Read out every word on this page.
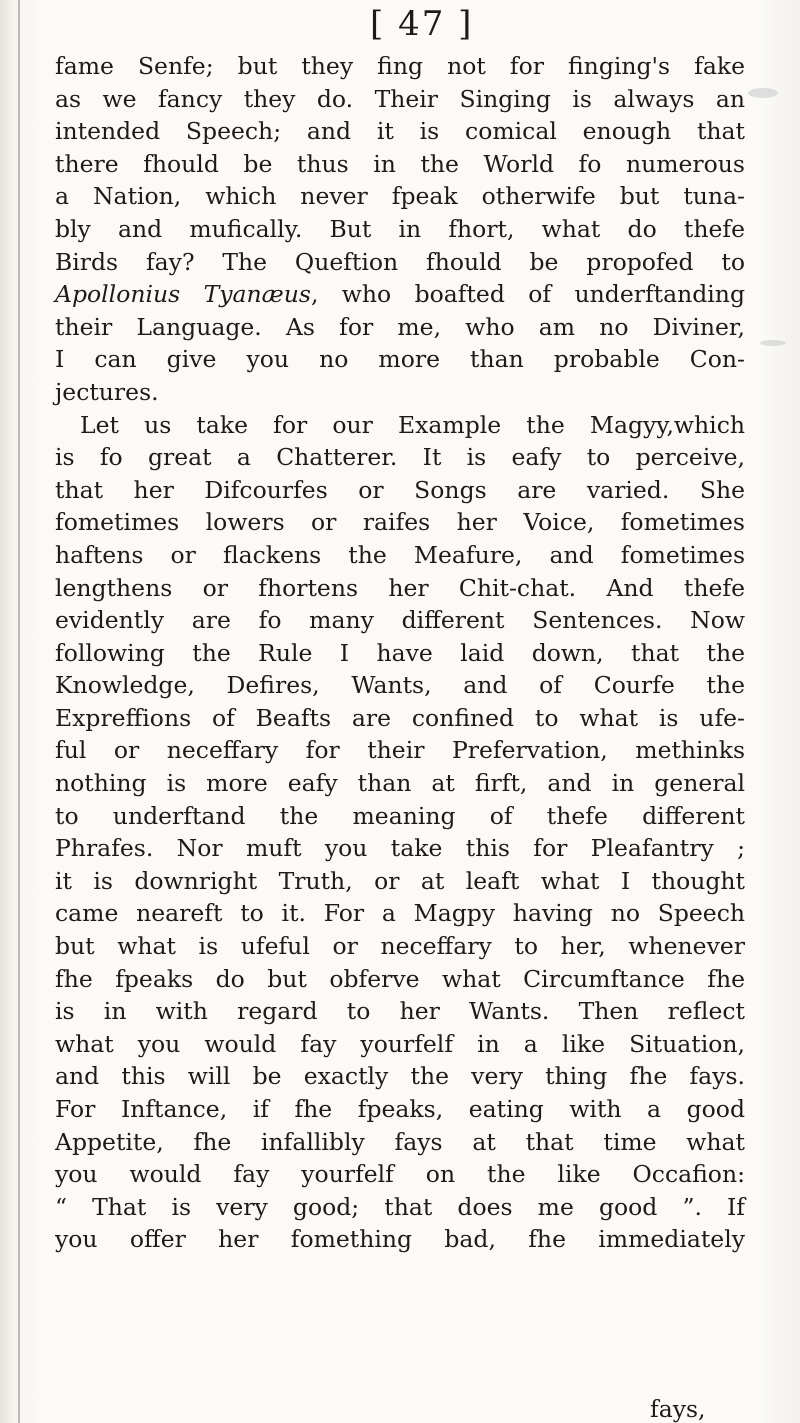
[ 47 ]
fame Senfe; but they fing not for finging's fake
as we fancy they do. Their Singing is always an
intended Speech; and it is comical enough that
there fhould be thus in the World fo numerous
a Nation, which never fpeak otherwife but tuna-
bly and mufically. But in fhort, what do thefe
Birds fay? The Queftion fhould be propofed to
Apollonius Tyanæus, who boafted of underftanding
their Language. As for me, who am no Diviner,
I can give you no more than probable Con-
jectures.
Let us take for our Example the Magyy,which
is fo great a Chatterer. It is eafy to perceive,
that her Difcourfes or Songs are varied. She
fometimes lowers or raifes her Voice, fometimes
haftens or flackens the Meafure, and fometimes
lengthens or fhortens her Chit-chat. And thefe
evidently are fo many different Sentences. Now
following the Rule I have laid down, that the
Knowledge, Defires, Wants, and of Courfe the
Expreffions of Beafts are confined to what is ufe-
ful or neceffary for their Prefervation, methinks
nothing is more eafy than at firft, and in general
to underftand the meaning of thefe different
Phrafes. Nor muft you take this for Pleafantry ;
it is downright Truth, or at leaft what I thought
came neareft to it. For a Magpy having no Speech
but what is ufeful or neceffary to her, whenever
fhe fpeaks do but obferve what Circumftance fhe
is in with regard to her Wants. Then reflect
what you would fay yourfelf in a like Situation,
and this will be exactly the very thing fhe fays.
For Inftance, if fhe fpeaks, eating with a good
Appetite, fhe infallibly fays at that time what
you would fay yourfelf on the like Occafion:
“ That is very good; that does me good ”. If
you offer her fomething bad, fhe immediately
fays,
